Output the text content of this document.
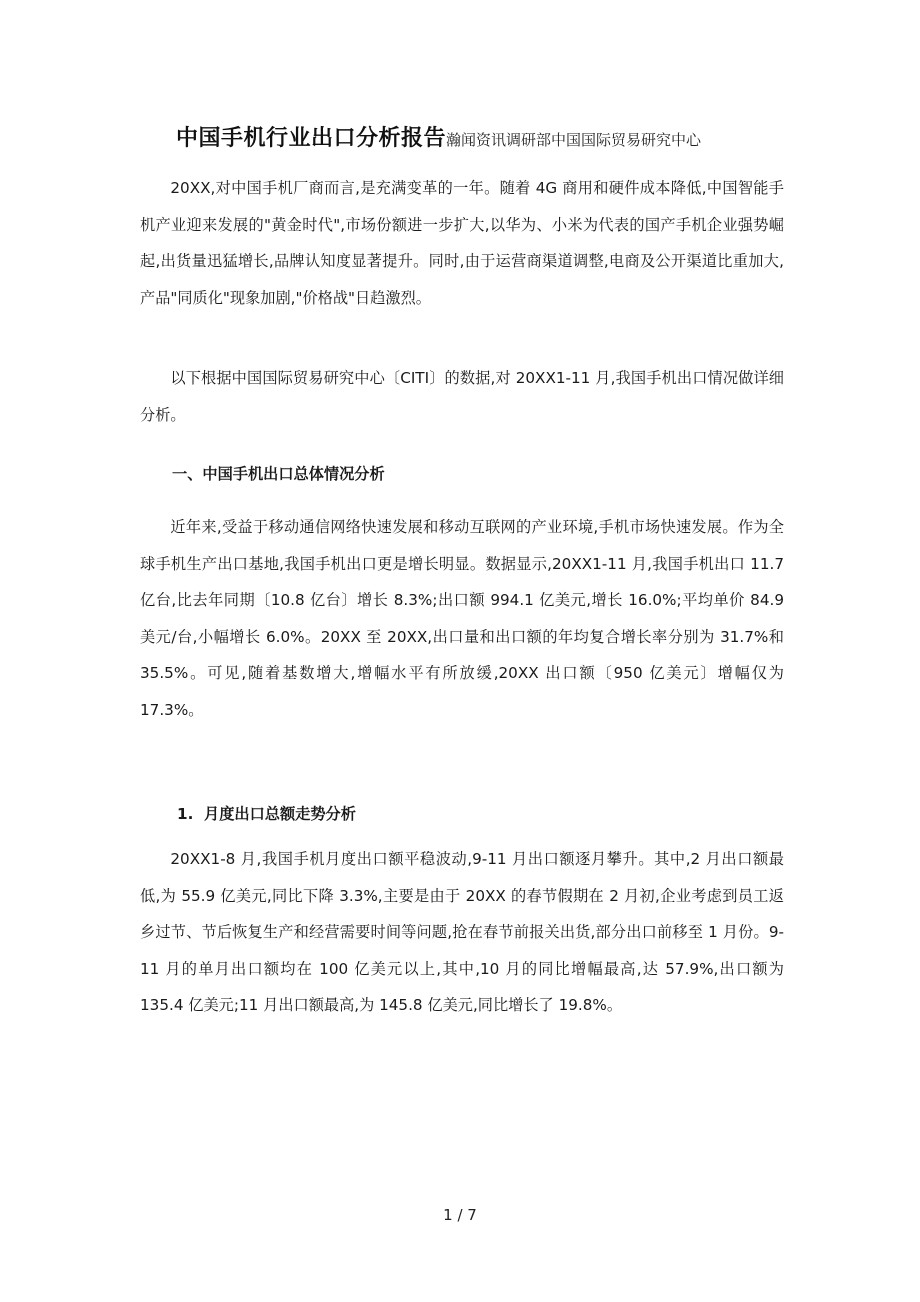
中国手机行业出口分析报告瀚闻资讯调研部中国国际贸易研究中心

20XX,对中国手机厂商而言,是充满变革的一年。随着 4G 商用和硬件成本降低,中国智能手机产业迎来发展的"黄金时代",市场份额进一步扩大,以华为、小米为代表的国产手机企业强势崛起,出货量迅猛增长,品牌认知度显著提升。同时,由于运营商渠道调整,电商及公开渠道比重加大,产品"同质化"现象加剧,"价格战"日趋激烈。

以下根据中国国际贸易研究中心〔CITI〕的数据,对 20XX1-11 月,我国手机出口情况做详细分析。

一、中国手机出口总体情况分析

近年来,受益于移动通信网络快速发展和移动互联网的产业环境,手机市场快速发展。作为全球手机生产出口基地,我国手机出口更是增长明显。数据显示,20XX1-11 月,我国手机出口 11.7 亿台,比去年同期〔10.8 亿台〕增长 8.3%;出口额 994.1 亿美元,增长 16.0%;平均单价 84.9 美元/台,小幅增长 6.0%。20XX 至 20XX,出口量和出口额的年均复合增长率分别为 31.7%和 35.5%。可见,随着基数增大,增幅水平有所放缓,20XX 出口额〔950 亿美元〕增幅仅为 17.3%。

1. 月度出口总额走势分析

20XX1-8 月,我国手机月度出口额平稳波动,9-11 月出口额逐月攀升。其中,2 月出口额最低,为 55.9 亿美元,同比下降 3.3%,主要是由于 20XX 的春节假期在 2 月初,企业考虑到员工返乡过节、节后恢复生产和经营需要时间等问题,抢在春节前报关出货,部分出口前移至 1 月份。9-11 月的单月出口额均在 100 亿美元以上,其中,10 月的同比增幅最高,达 57.9%,出口额为 135.4 亿美元;11 月出口额最高,为 145.8 亿美元,同比增长了 19.8%。

1 / 7
